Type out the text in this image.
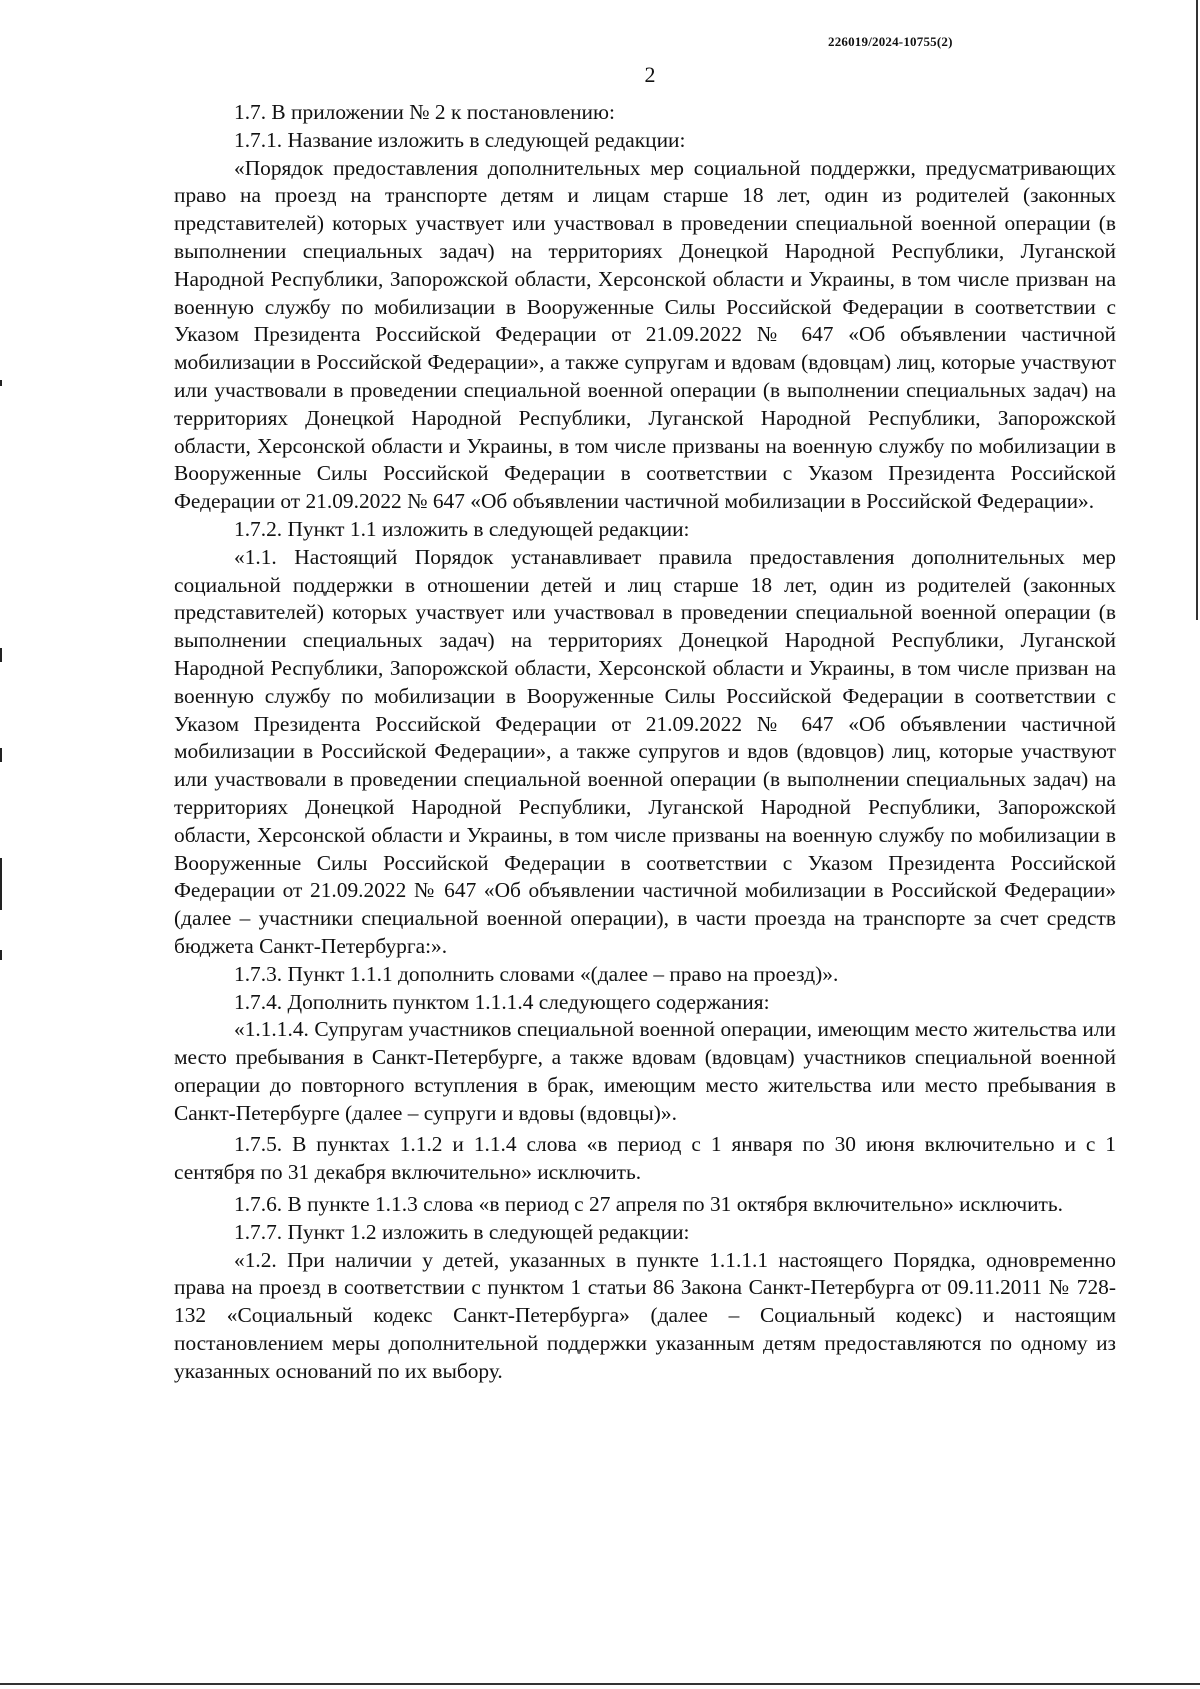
226019/2024-10755(2)
2

1.7. В приложении № 2 к постановлению:

1.7.1. Название изложить в следующей редакции:

«Порядок предоставления дополнительных мер социальной поддержки, предусматривающих право на проезд на транспорте детям и лицам старше 18 лет, один из родителей (законных представителей) которых участвует или участвовал в проведении специальной военной операции (в выполнении специальных задач) на территориях Донецкой Народной Республики, Луганской Народной Республики, Запорожской области, Херсонской области и Украины, в том числе призван на военную службу по мобилизации в Вооруженные Силы Российской Федерации в соответствии с Указом Президента Российской Федерации от 21.09.2022 № 647 «Об объявлении частичной мобилизации в Российской Федерации», а также супругам и вдовам (вдовцам) лиц, которые участвуют или участвовали в проведении специальной военной операции (в выполнении специальных задач) на территориях Донецкой Народной Республики, Луганской Народной Республики, Запорожской области, Херсонской области и Украины, в том числе призваны на военную службу по мобилизации в Вооруженные Силы Российской Федерации в соответствии с Указом Президента Российской Федерации от 21.09.2022 № 647 «Об объявлении частичной мобилизации в Российской Федерации».

1.7.2. Пункт 1.1 изложить в следующей редакции:

«1.1. Настоящий Порядок устанавливает правила предоставления дополнительных мер социальной поддержки в отношении детей и лиц старше 18 лет, один из родителей (законных представителей) которых участвует или участвовал в проведении специальной военной операции (в выполнении специальных задач) на территориях Донецкой Народной Республики, Луганской Народной Республики, Запорожской области, Херсонской области и Украины, в том числе призван на военную службу по мобилизации в Вооруженные Силы Российской Федерации в соответствии с Указом Президента Российской Федерации от 21.09.2022 № 647 «Об объявлении частичной мобилизации в Российской Федерации», а также супругов и вдов (вдовцов) лиц, которые участвуют или участвовали в проведении специальной военной операции (в выполнении специальных задач) на территориях Донецкой Народной Республики, Луганской Народной Республики, Запорожской области, Херсонской области и Украины, в том числе призваны на военную службу по мобилизации в Вооруженные Силы Российской Федерации в соответствии с Указом Президента Российской Федерации от 21.09.2022 № 647 «Об объявлении частичной мобилизации в Российской Федерации» (далее – участники специальной военной операции), в части проезда на транспорте за счет средств бюджета Санкт-Петербурга:».

1.7.3. Пункт 1.1.1 дополнить словами «(далее – право на проезд)».

1.7.4. Дополнить пунктом 1.1.1.4 следующего содержания:

«1.1.1.4. Супругам участников специальной военной операции, имеющим место жительства или место пребывания в Санкт-Петербурге, а также вдовам (вдовцам) участников специальной военной операции до повторного вступления в брак, имеющим место жительства или место пребывания в Санкт-Петербурге (далее – супруги и вдовы (вдовцы)».

1.7.5. В пунктах 1.1.2 и 1.1.4 слова «в период с 1 января по 30 июня включительно и с 1 сентября по 31 декабря включительно» исключить.

1.7.6. В пункте 1.1.3 слова «в период с 27 апреля по 31 октября включительно» исключить.

1.7.7. Пункт 1.2 изложить в следующей редакции:

«1.2. При наличии у детей, указанных в пункте 1.1.1.1 настоящего Порядка, одновременно права на проезд в соответствии с пунктом 1 статьи 86 Закона Санкт-Петербурга от 09.11.2011 № 728-132 «Социальный кодекс Санкт-Петербурга» (далее – Социальный кодекс) и настоящим постановлением меры дополнительной поддержки указанным детям предоставляются по одному из указанных оснований по их выбору.
